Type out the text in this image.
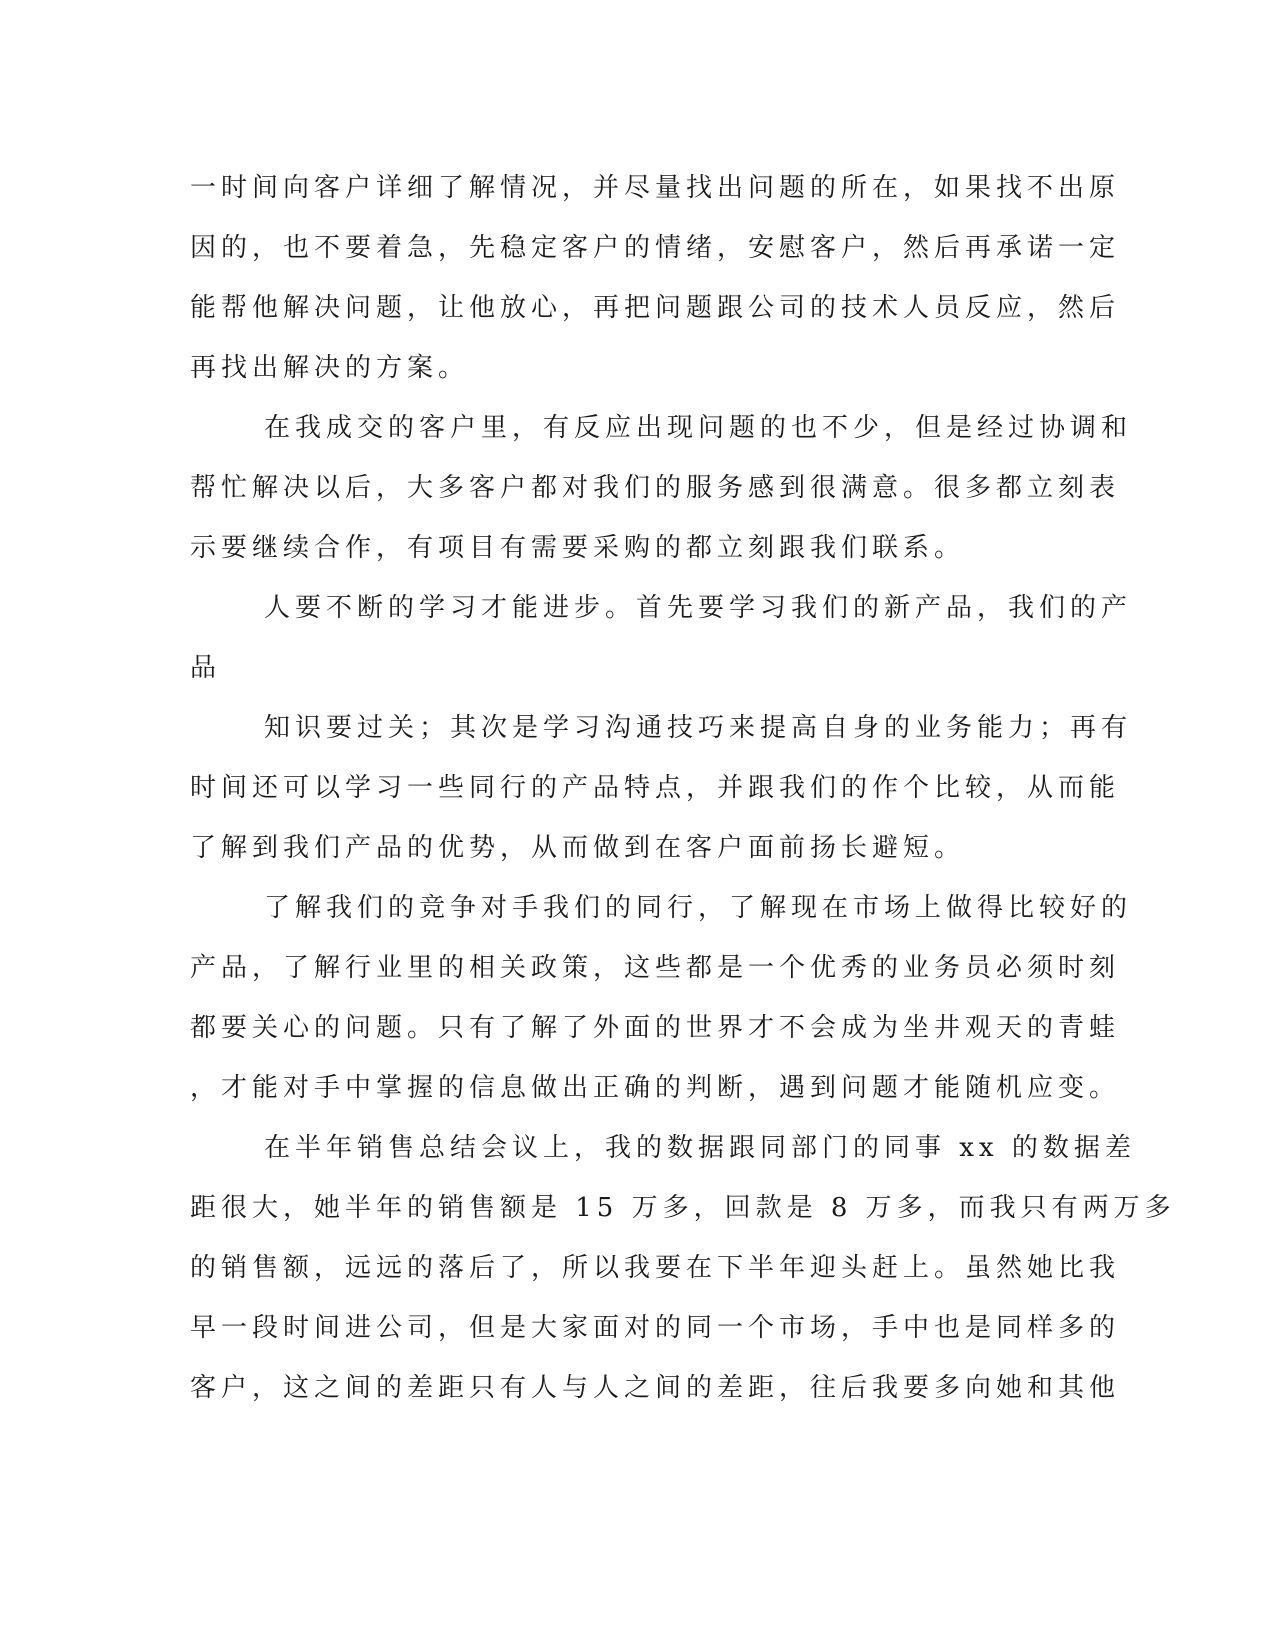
一时间向客户详细了解情况，并尽量找出问题的所在，如果找不出原
因的，也不要着急，先稳定客户的情绪，安慰客户，然后再承诺一定
能帮他解决问题，让他放心，再把问题跟公司的技术人员反应，然后
再找出解决的方案。
在我成交的客户里，有反应出现问题的也不少，但是经过协调和
帮忙解决以后，大多客户都对我们的服务感到很满意。很多都立刻表
示要继续合作，有项目有需要采购的都立刻跟我们联系。
人要不断的学习才能进步。首先要学习我们的新产品，我们的产
品
知识要过关；其次是学习沟通技巧来提高自身的业务能力；再有
时间还可以学习一些同行的产品特点，并跟我们的作个比较，从而能
了解到我们产品的优势，从而做到在客户面前扬长避短。
了解我们的竞争对手我们的同行，了解现在市场上做得比较好的
产品，了解行业里的相关政策，这些都是一个优秀的业务员必须时刻
都要关心的问题。只有了解了外面的世界才不会成为坐井观天的青蛙
，才能对手中掌握的信息做出正确的判断，遇到问题才能随机应变。
在半年销售总结会议上，我的数据跟同部门的同事 xx 的数据差
距很大，她半年的销售额是 15 万多，回款是 8 万多，而我只有两万多
的销售额，远远的落后了，所以我要在下半年迎头赶上。虽然她比我
早一段时间进公司，但是大家面对的同一个市场，手中也是同样多的
客户，这之间的差距只有人与人之间的差距，往后我要多向她和其他
